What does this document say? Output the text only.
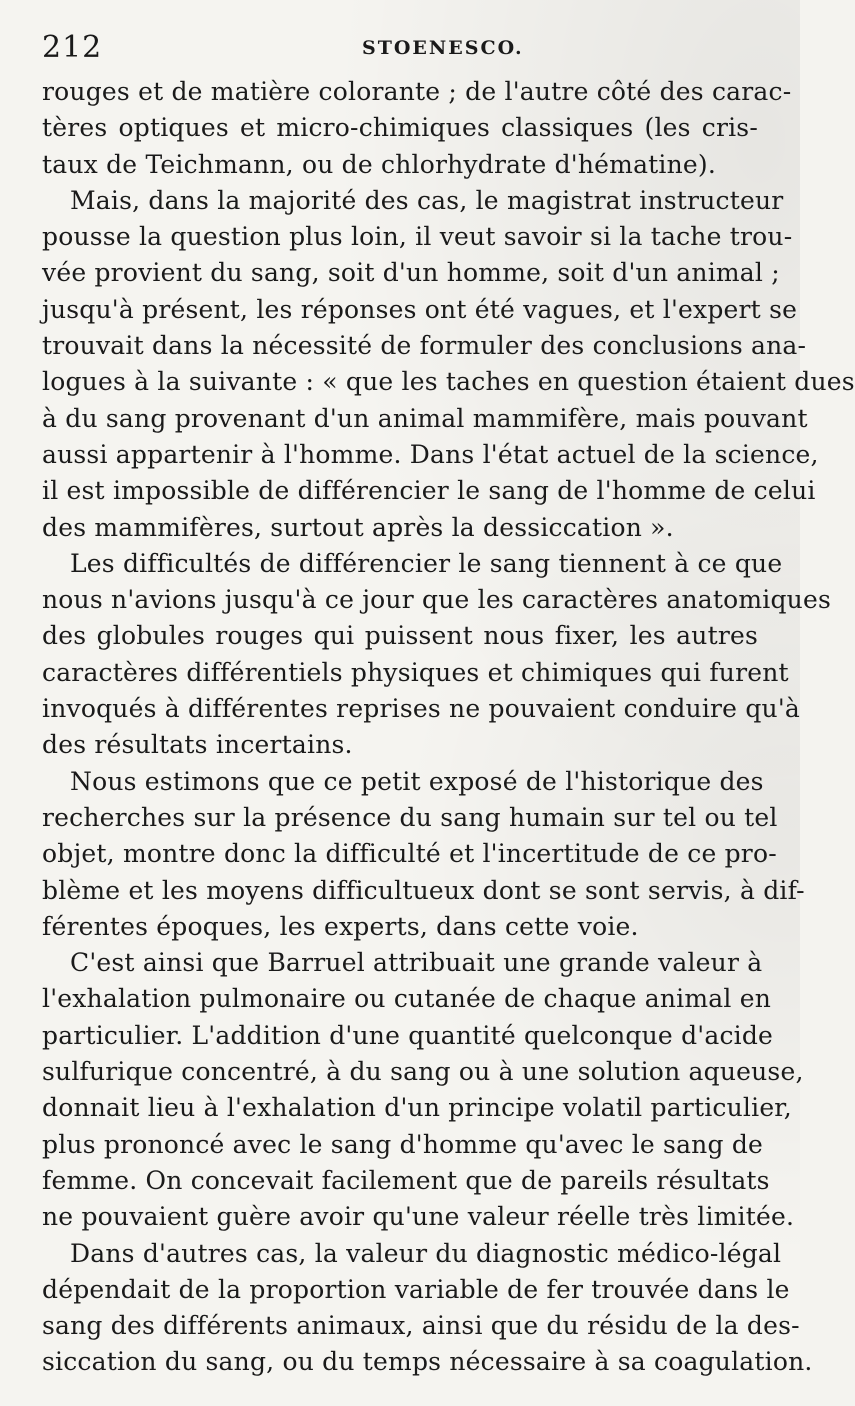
212	STOENESCO.
rouges et de matière colorante ; de l'autre côté des carac-
tères optiques et micro-chimiques classiques (les cris-
taux de Teichmann, ou de chlorhydrate d'hématine).
Mais, dans la majorité des cas, le magistrat instructeur
pousse la question plus loin, il veut savoir si la tache trou-
vée provient du sang, soit d'un homme, soit d'un animal ;
jusqu'à présent, les réponses ont été vagues, et l'expert se
trouvait dans la nécessité de formuler des conclusions ana-
logues à la suivante : « que les taches en question étaient dues
à du sang provenant d'un animal mammifère, mais pouvant
aussi appartenir à l'homme. Dans l'état actuel de la science,
il est impossible de différencier le sang de l'homme de celui
des mammifères, surtout après la dessiccation ».
Les difficultés de différencier le sang tiennent à ce que
nous n'avions jusqu'à ce jour que les caractères anatomiques
des globules rouges qui puissent nous fixer, les autres
caractères différentiels physiques et chimiques qui furent
invoqués à différentes reprises ne pouvaient conduire qu'à
des résultats incertains.
Nous estimons que ce petit exposé de l'historique des
recherches sur la présence du sang humain sur tel ou tel
objet, montre donc la difficulté et l'incertitude de ce pro-
blème et les moyens difficultueux dont se sont servis, à dif-
férentes époques, les experts, dans cette voie.
C'est ainsi que Barruel attribuait une grande valeur à
l'exhalation pulmonaire ou cutanée de chaque animal en
particulier. L'addition d'une quantité quelconque d'acide
sulfurique concentré, à du sang ou à une solution aqueuse,
donnait lieu à l'exhalation d'un principe volatil particulier,
plus prononcé avec le sang d'homme qu'avec le sang de
femme. On concevait facilement que de pareils résultats
ne pouvaient guère avoir qu'une valeur réelle très limitée.
Dans d'autres cas, la valeur du diagnostic médico-légal
dépendait de la proportion variable de fer trouvée dans le
sang des différents animaux, ainsi que du résidu de la des-
siccation du sang, ou du temps nécessaire à sa coagulation.
